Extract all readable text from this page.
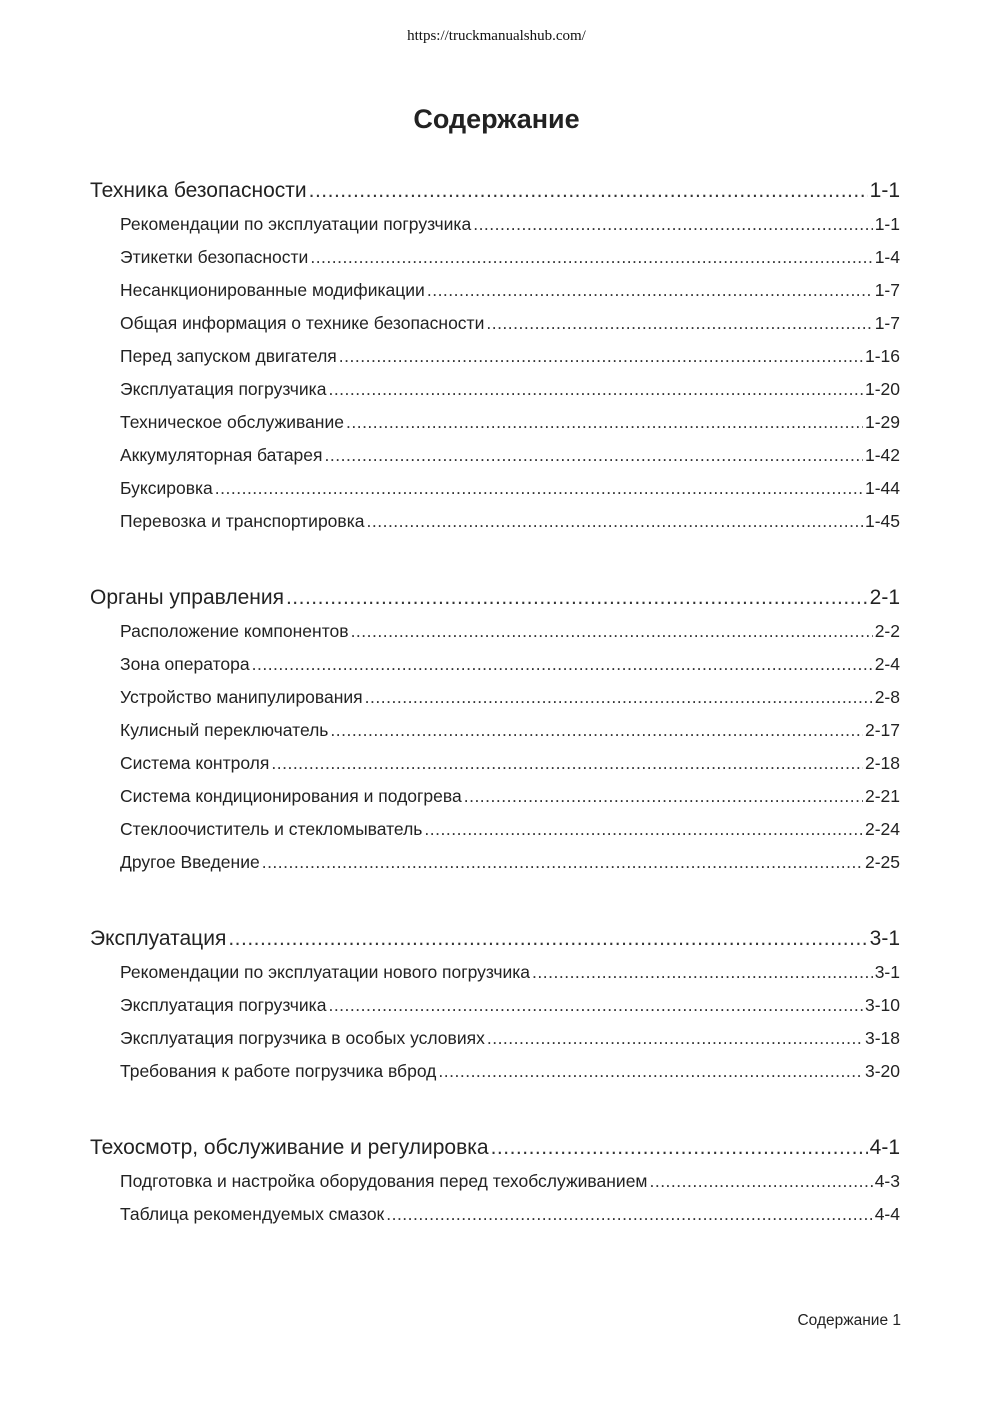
https://truckmanualshub.com/
Содержание
Техника безопасности .....	1-1
Рекомендации по эксплуатации погрузчика .....	1-1
Этикетки безопасности .....	1-4
Несанкционированные модификации .....	1-7
Общая информация о технике безопасности .....	1-7
Перед запуском двигателя .....	1-16
Эксплуатация погрузчика .....	1-20
Техническое обслуживание .....	1-29
Аккумуляторная батарея .....	1-42
Буксировка .....	1-44
Перевозка и транспортировка .....	1-45
Органы управления .....	2-1
Расположение компонентов .....	2-2
Зона оператора .....	2-4
Устройство манипулирования .....	2-8
Кулисный переключатель .....	2-17
Система контроля .....	2-18
Система кондиционирования и подогрева .....	2-21
Стеклоочиститель и стекломыватель .....	2-24
Другое Введение .....	2-25
Эксплуатация .....	3-1
Рекомендации по эксплуатации нового погрузчика .....	3-1
Эксплуатация погрузчика .....	3-10
Эксплуатация погрузчика в особых условиях .....	3-18
Требования к работе погрузчика вброд .....	3-20
Техосмотр, обслуживание и регулировка .....	4-1
Подготовка и настройка оборудования перед техобслуживанием .....	4-3
Таблица рекомендуемых смазок .....	4-4
Содержание 1
